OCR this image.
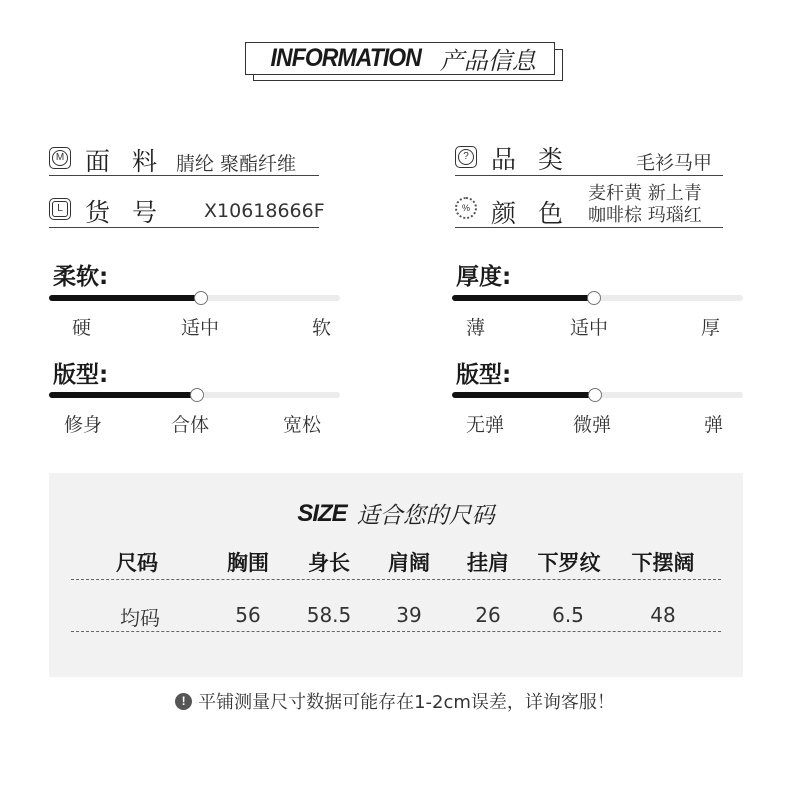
INFORMATION 产品信息
M 面料
腈纶 聚酯纤维	? 品类	毛衫马甲
L 货号 X10618666F	% 颜色
麦秆黄 新上青
咖啡棕 玛瑙红
柔软:
硬	适中	软
厚度:
薄	适中	厚
版型:
修身	合体	宽松
版型:
无弹	微弹	弹
SIZE 适合您的尺码
尺码	胸围 身长 肩阔 挂肩 下罗纹 下摆阔
均码	56 58.5 39	26	6.5	48
! 平铺测量尺寸数据可能存在1-2cm误差，详询客服！
